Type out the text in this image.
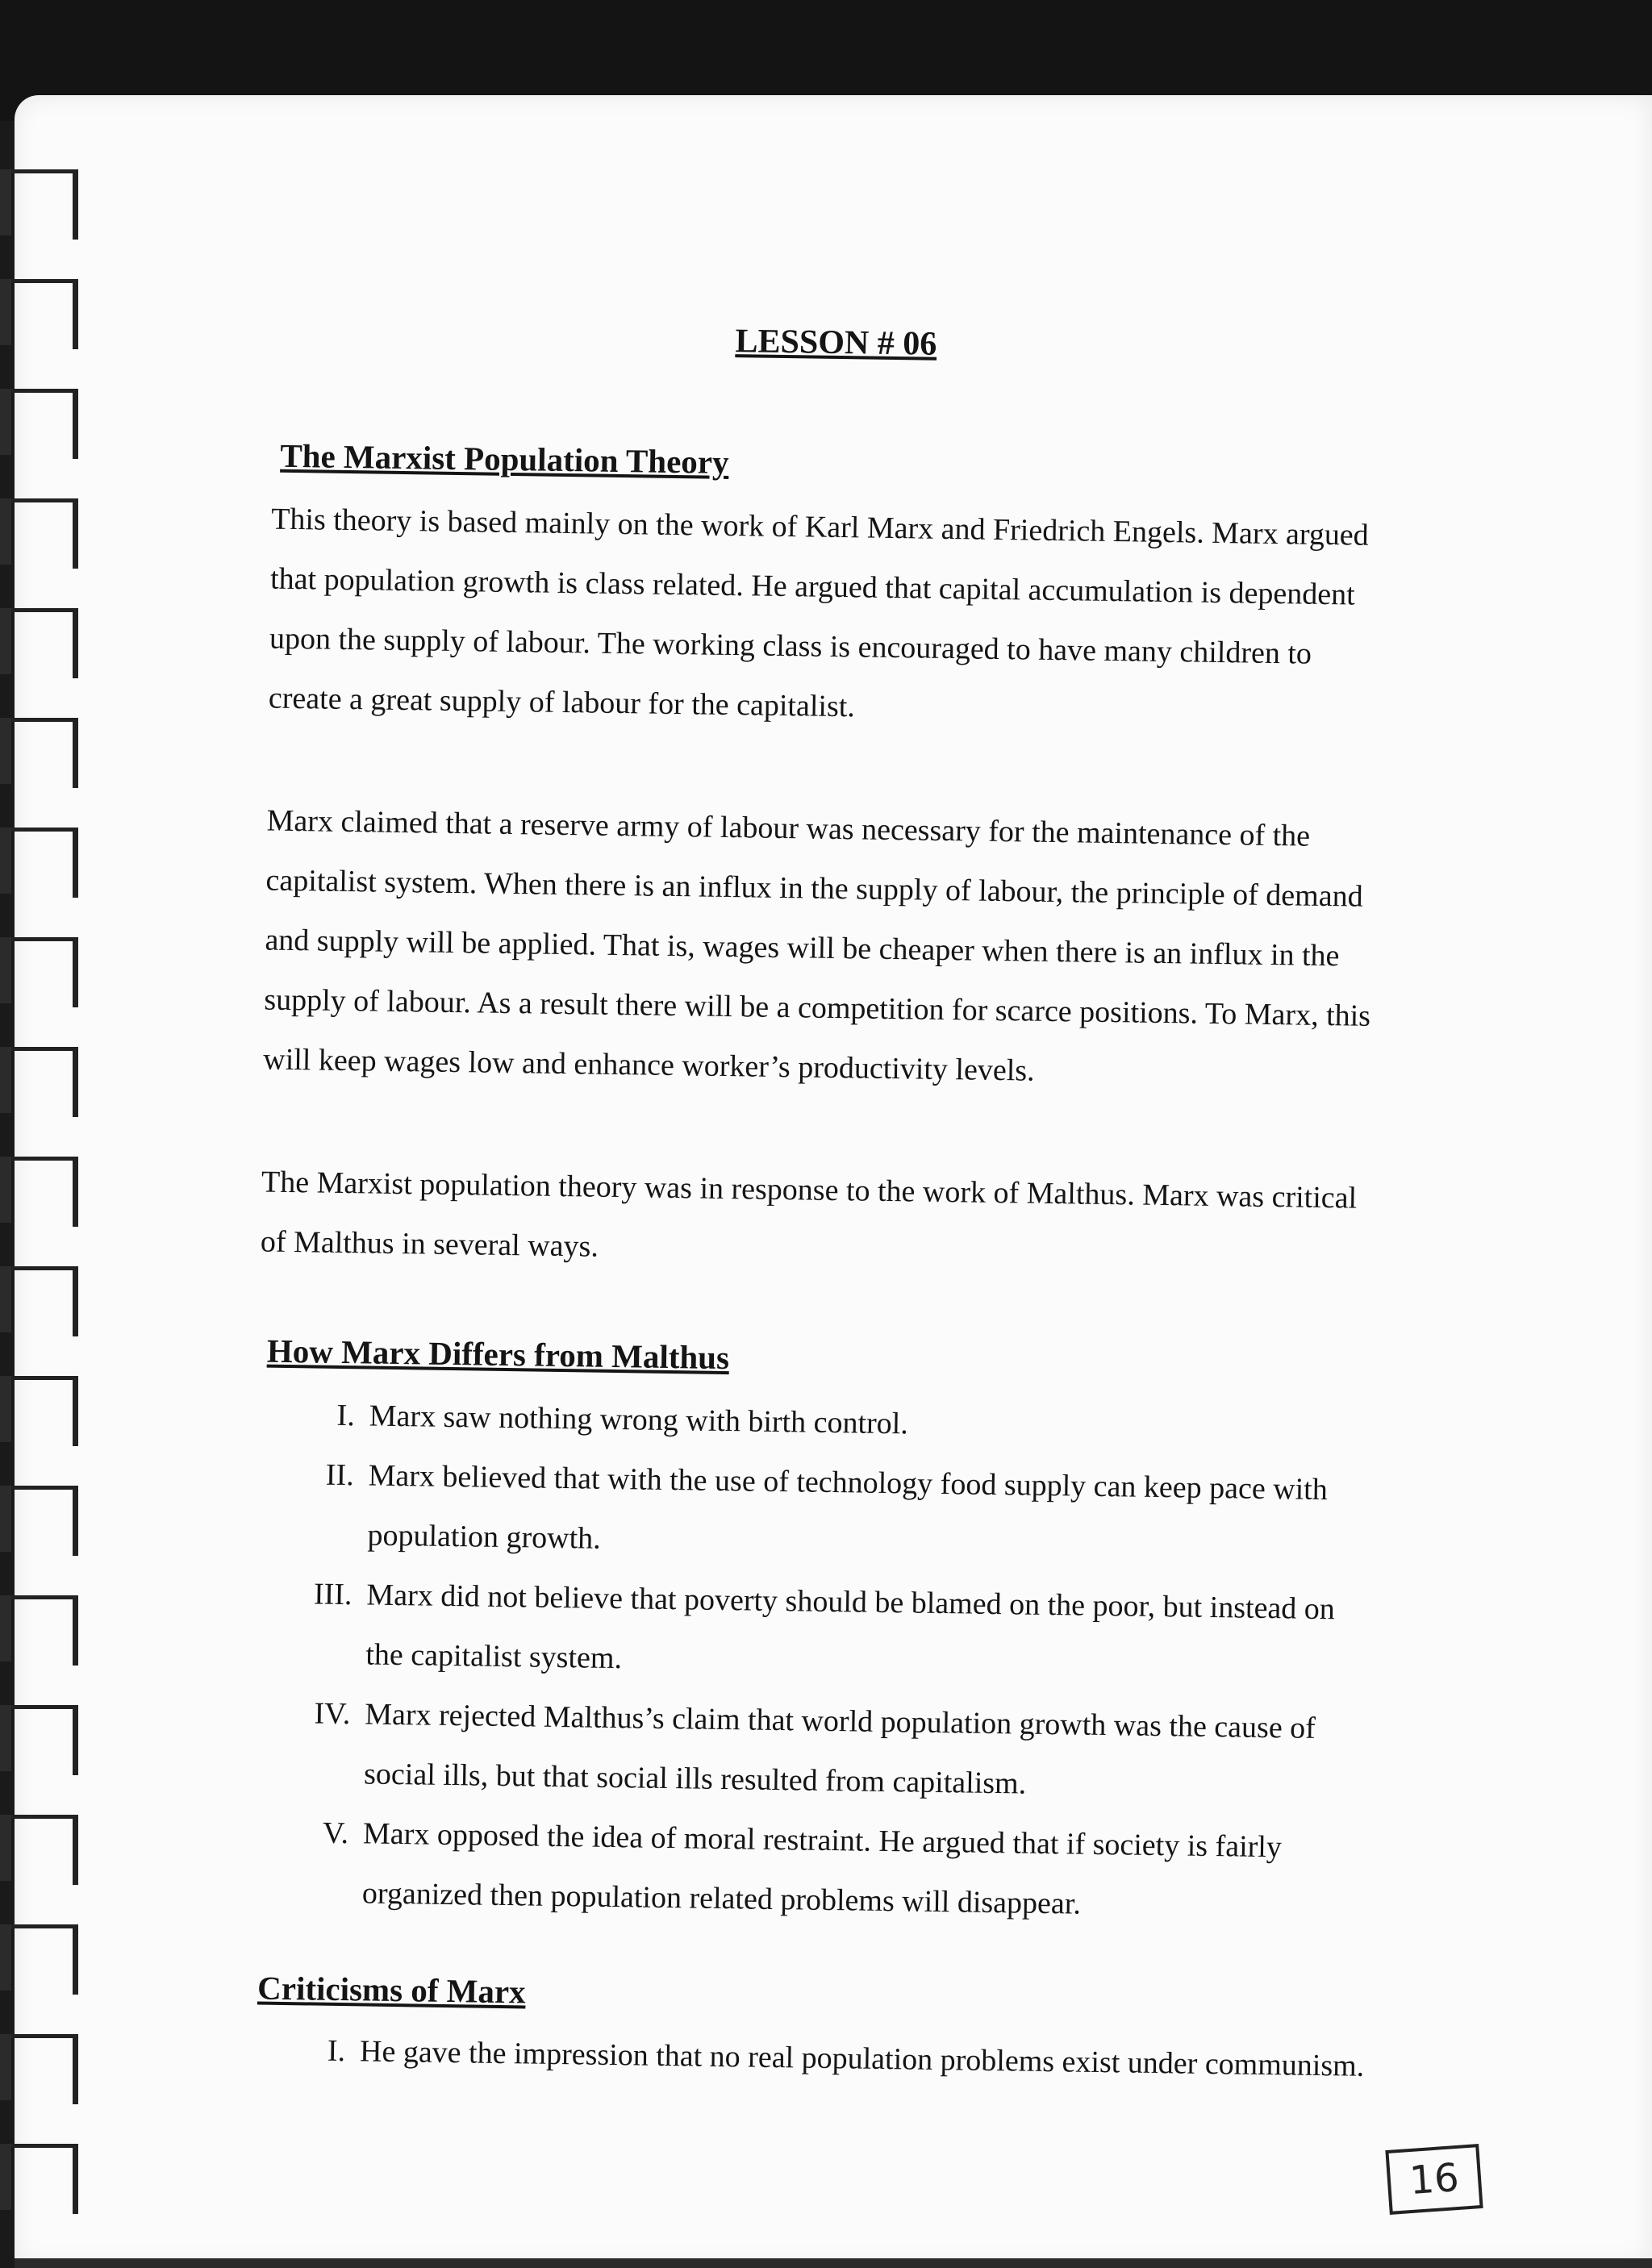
LESSON # 06
The Marxist Population Theory

This theory is based mainly on the work of Karl Marx and Friedrich Engels. Marx argued that population growth is class related. He argued that capital accumulation is dependent upon the supply of labour. The working class is encouraged to have many children to create a great supply of labour for the capitalist.

Marx claimed that a reserve army of labour was necessary for the maintenance of the capitalist system. When there is an influx in the supply of labour, the principle of demand and supply will be applied. That is, wages will be cheaper when there is an influx in the supply of labour. As a result there will be a competition for scarce positions. To Marx, this will keep wages low and enhance worker’s productivity levels.

The Marxist population theory was in response to the work of Malthus. Marx was critical of Malthus in several ways.

How Marx Differs from Malthus
I. Marx saw nothing wrong with birth control.
II. Marx believed that with the use of technology food supply can keep pace with population growth.
III. Marx did not believe that poverty should be blamed on the poor, but instead on the capitalist system.
IV. Marx rejected Malthus’s claim that world population growth was the cause of social ills, but that social ills resulted from capitalism.
V. Marx opposed the idea of moral restraint. He argued that if society is fairly organized then population related problems will disappear.
Criticisms of Marx
I. He gave the impression that no real population problems exist under communism.
16
